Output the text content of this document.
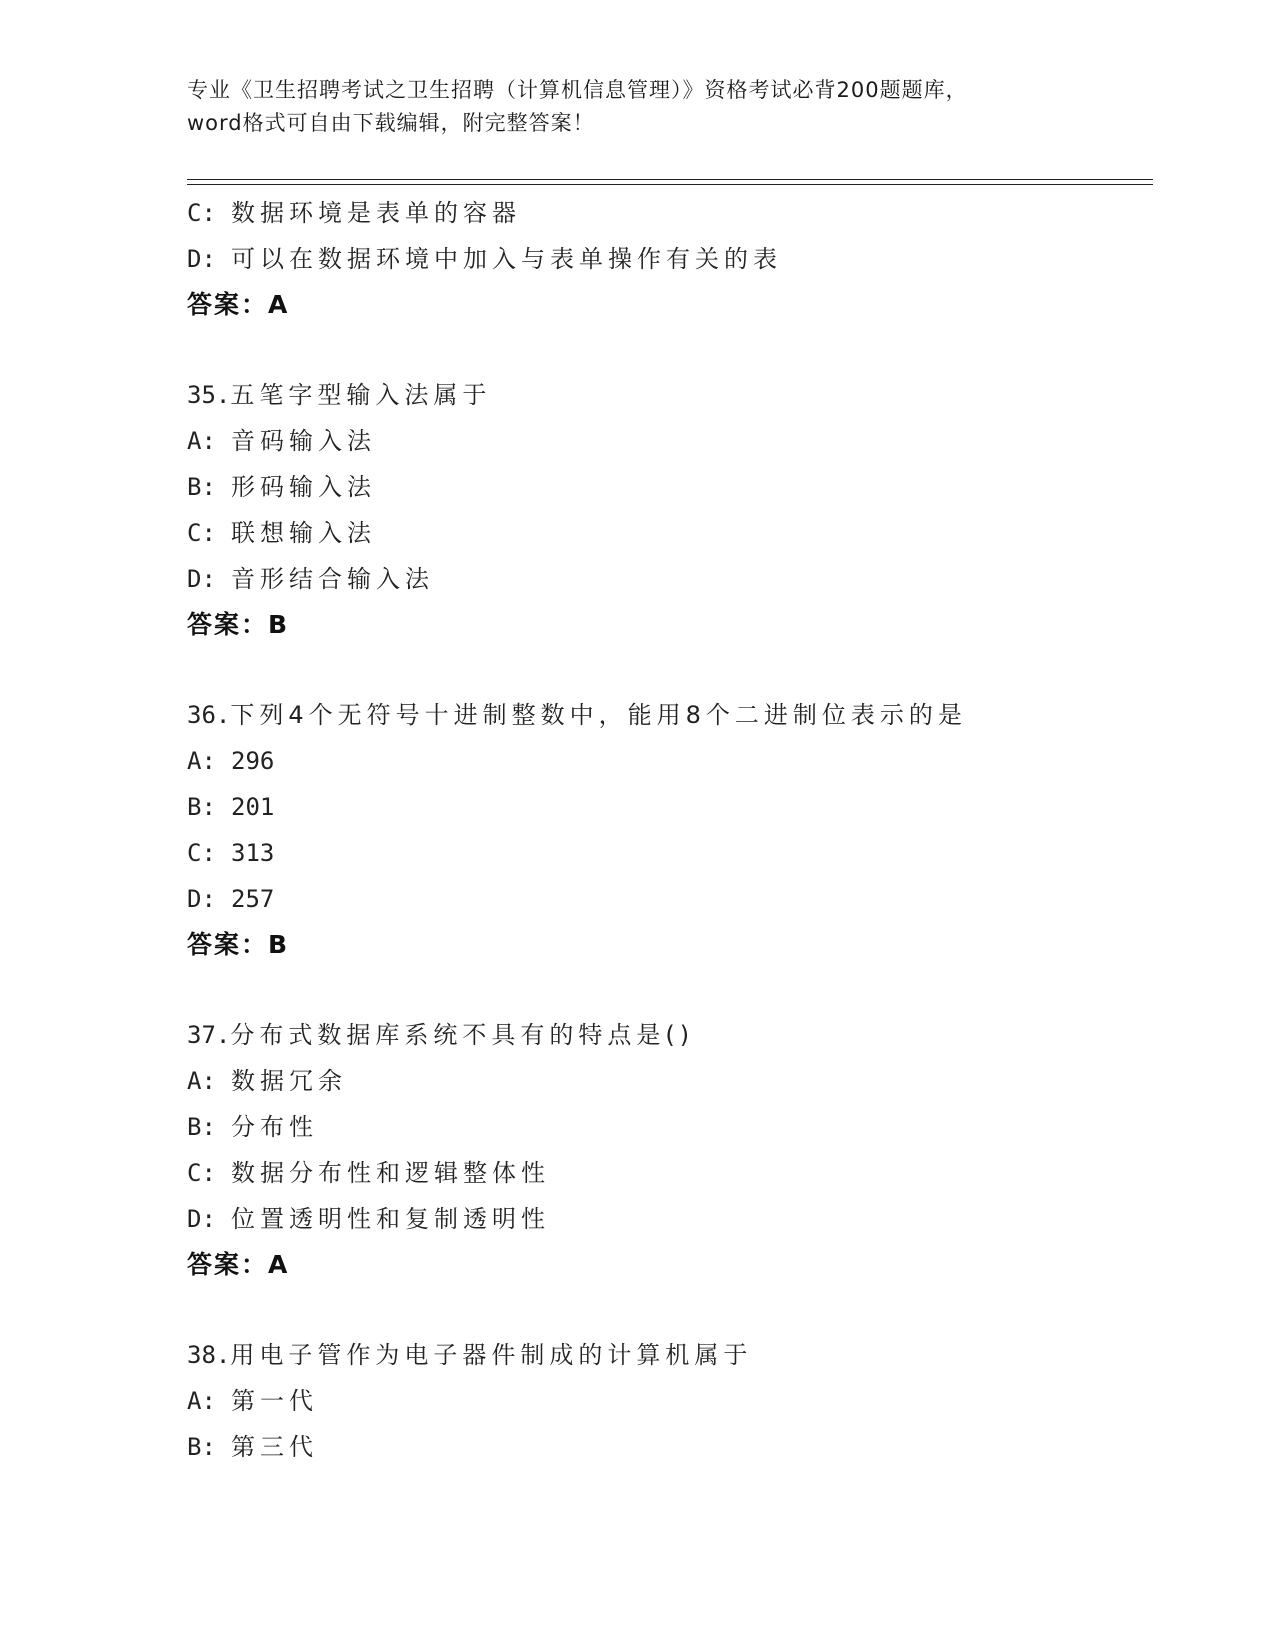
专业《卫生招聘考试之卫生招聘（计算机信息管理）》资格考试必背200题题库，
word格式可自由下载编辑，附完整答案！
C: 数据环境是表单的容器
D: 可以在数据环境中加入与表单操作有关的表
答案：A
35.五笔字型输入法属于
A: 音码输入法
B: 形码输入法
C: 联想输入法
D: 音形结合输入法
答案：B
36.下列4个无符号十进制整数中，能用8个二进制位表示的是
A: 296
B: 201
C: 313
D: 257
答案：B
37.分布式数据库系统不具有的特点是()
A: 数据冗余
B: 分布性
C: 数据分布性和逻辑整体性
D: 位置透明性和复制透明性
答案：A
38.用电子管作为电子器件制成的计算机属于
A: 第一代
B: 第三代
